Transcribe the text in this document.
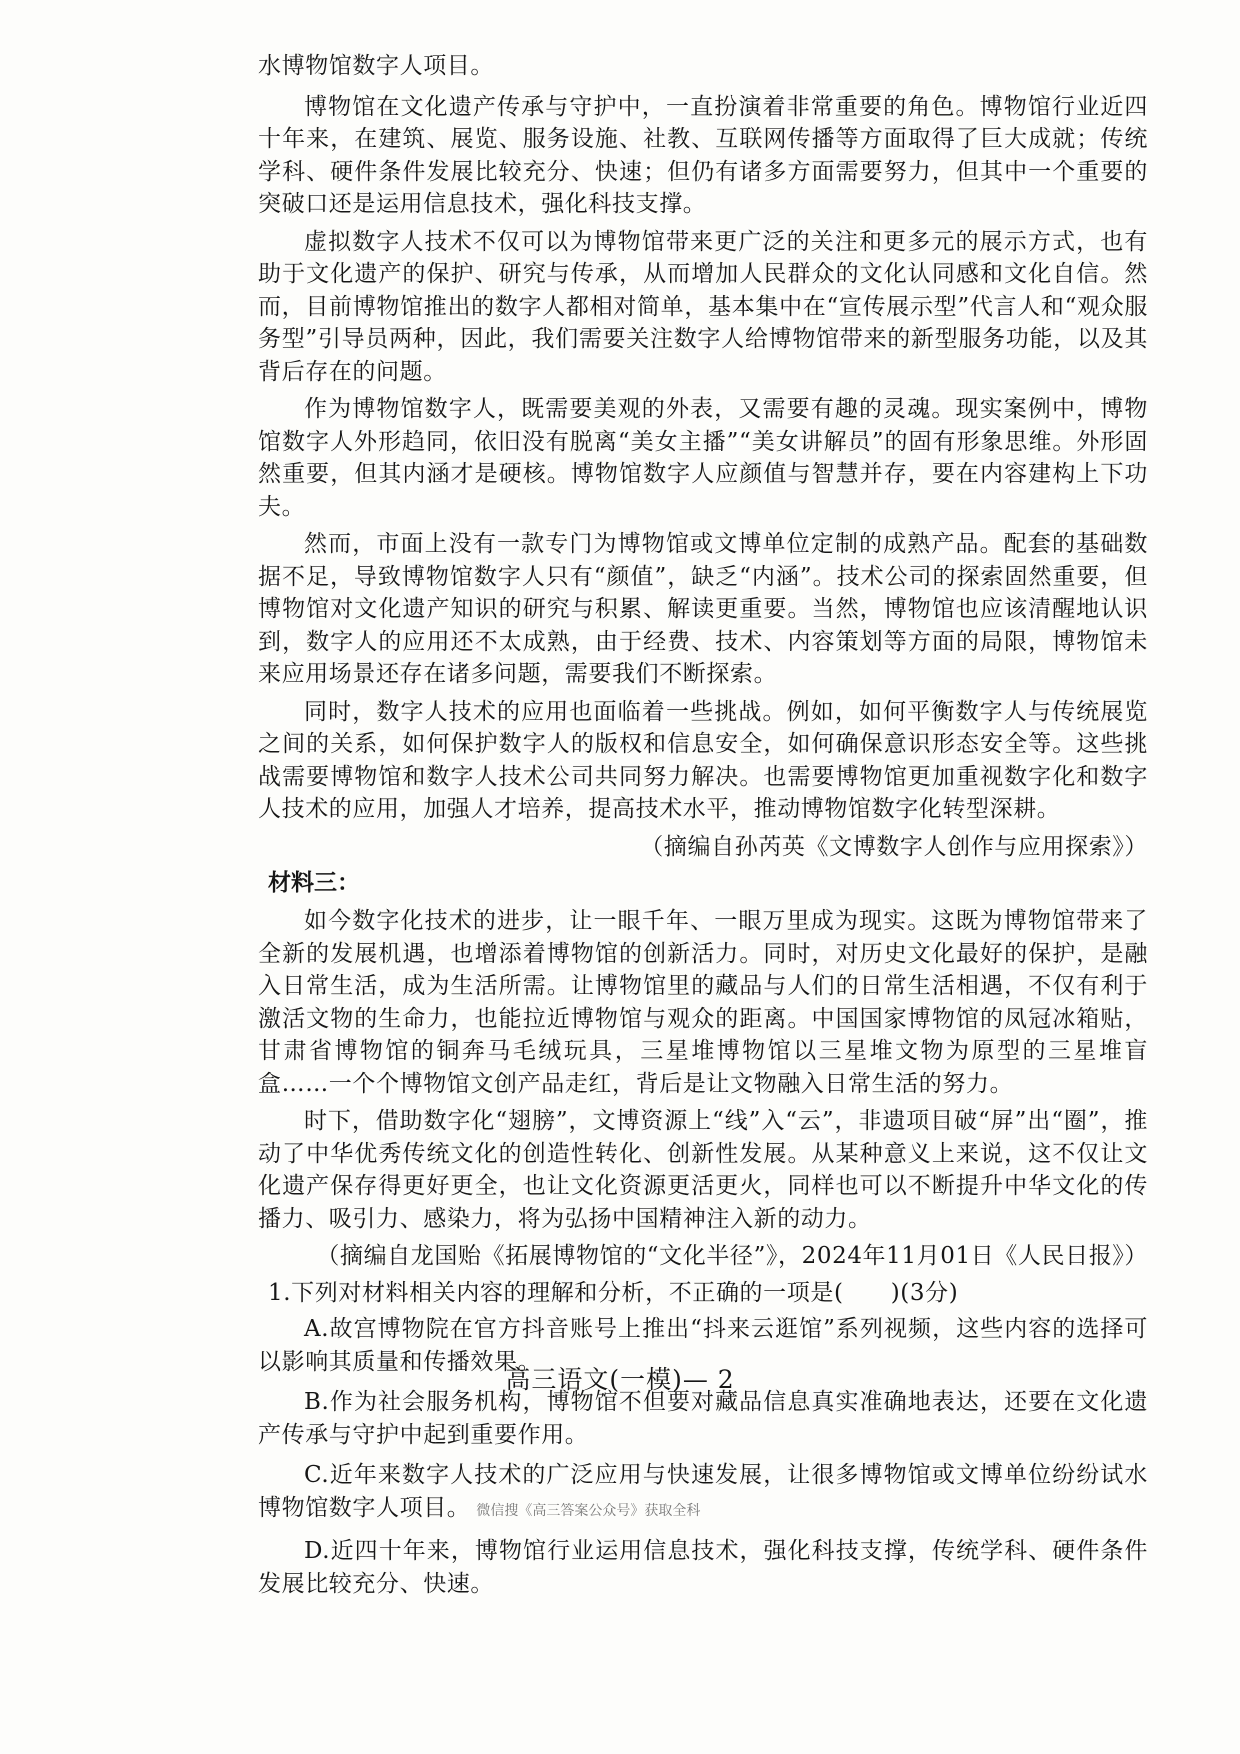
水博物馆数字人项目。

博物馆在文化遗产传承与守护中，一直扮演着非常重要的角色。博物馆行业近四十年来，在建筑、展览、服务设施、社教、互联网传播等方面取得了巨大成就；传统学科、硬件条件发展比较充分、快速；但仍有诸多方面需要努力，但其中一个重要的突破口还是运用信息技术，强化科技支撑。

虚拟数字人技术不仅可以为博物馆带来更广泛的关注和更多元的展示方式，也有助于文化遗产的保护、研究与传承，从而增加人民群众的文化认同感和文化自信。然而，目前博物馆推出的数字人都相对简单，基本集中在“宣传展示型”代言人和“观众服务型”引导员两种，因此，我们需要关注数字人给博物馆带来的新型服务功能，以及其背后存在的问题。

作为博物馆数字人，既需要美观的外表，又需要有趣的灵魂。现实案例中，博物馆数字人外形趋同，依旧没有脱离“美女主播”“美女讲解员”的固有形象思维。外形固然重要，但其内涵才是硬核。博物馆数字人应颜值与智慧并存，要在内容建构上下功夫。

然而，市面上没有一款专门为博物馆或文博单位定制的成熟产品。配套的基础数据不足，导致博物馆数字人只有“颜值”，缺乏“内涵”。技术公司的探索固然重要，但博物馆对文化遗产知识的研究与积累、解读更重要。当然，博物馆也应该清醒地认识到，数字人的应用还不太成熟，由于经费、技术、内容策划等方面的局限，博物馆未来应用场景还存在诸多问题，需要我们不断探索。

同时，数字人技术的应用也面临着一些挑战。例如，如何平衡数字人与传统展览之间的关系，如何保护数字人的版权和信息安全，如何确保意识形态安全等。这些挑战需要博物馆和数字人技术公司共同努力解决。也需要博物馆更加重视数字化和数字人技术的应用，加强人才培养，提高技术水平，推动博物馆数字化转型深耕。

（摘编自孙芮英《文博数字人创作与应用探索》）

材料三：

如今数字化技术的进步，让一眼千年、一眼万里成为现实。这既为博物馆带来了全新的发展机遇，也增添着博物馆的创新活力。同时，对历史文化最好的保护，是融入日常生活，成为生活所需。让博物馆里的藏品与人们的日常生活相遇，不仅有利于激活文物的生命力，也能拉近博物馆与观众的距离。中国国家博物馆的凤冠冰箱贴，甘肃省博物馆的铜奔马毛绒玩具，三星堆博物馆以三星堆文物为原型的三星堆盲盒……一个个博物馆文创产品走红，背后是让文物融入日常生活的努力。

时下，借助数字化“翅膀”，文博资源上“线”入“云”，非遗项目破“屏”出“圈”，推动了中华优秀传统文化的创造性转化、创新性发展。从某种意义上来说，这不仅让文化遗产保存得更好更全，也让文化资源更活更火，同样也可以不断提升中华文化的传播力、吸引力、感染力，将为弘扬中国精神注入新的动力。

（摘编自龙国贻《拓展博物馆的“文化半径”》，2024年11月01日《人民日报》）

1.下列对材料相关内容的理解和分析，不正确的一项是(　　)(3分)

A.故宫博物院在官方抖音账号上推出“抖来云逛馆”系列视频，这些内容的选择可以影响其质量和传播效果。

B.作为社会服务机构，博物馆不但要对藏品信息真实准确地表达，还要在文化遗产传承与守护中起到重要作用。

C.近年来数字人技术的广泛应用与快速发展，让很多博物馆或文博单位纷纷试水博物馆数字人项目。 微信搜《高三答案公众号》获取全科

D.近四十年来，博物馆行业运用信息技术，强化科技支撑，传统学科、硬件条件发展比较充分、快速。

高三语文(一模)— 2
